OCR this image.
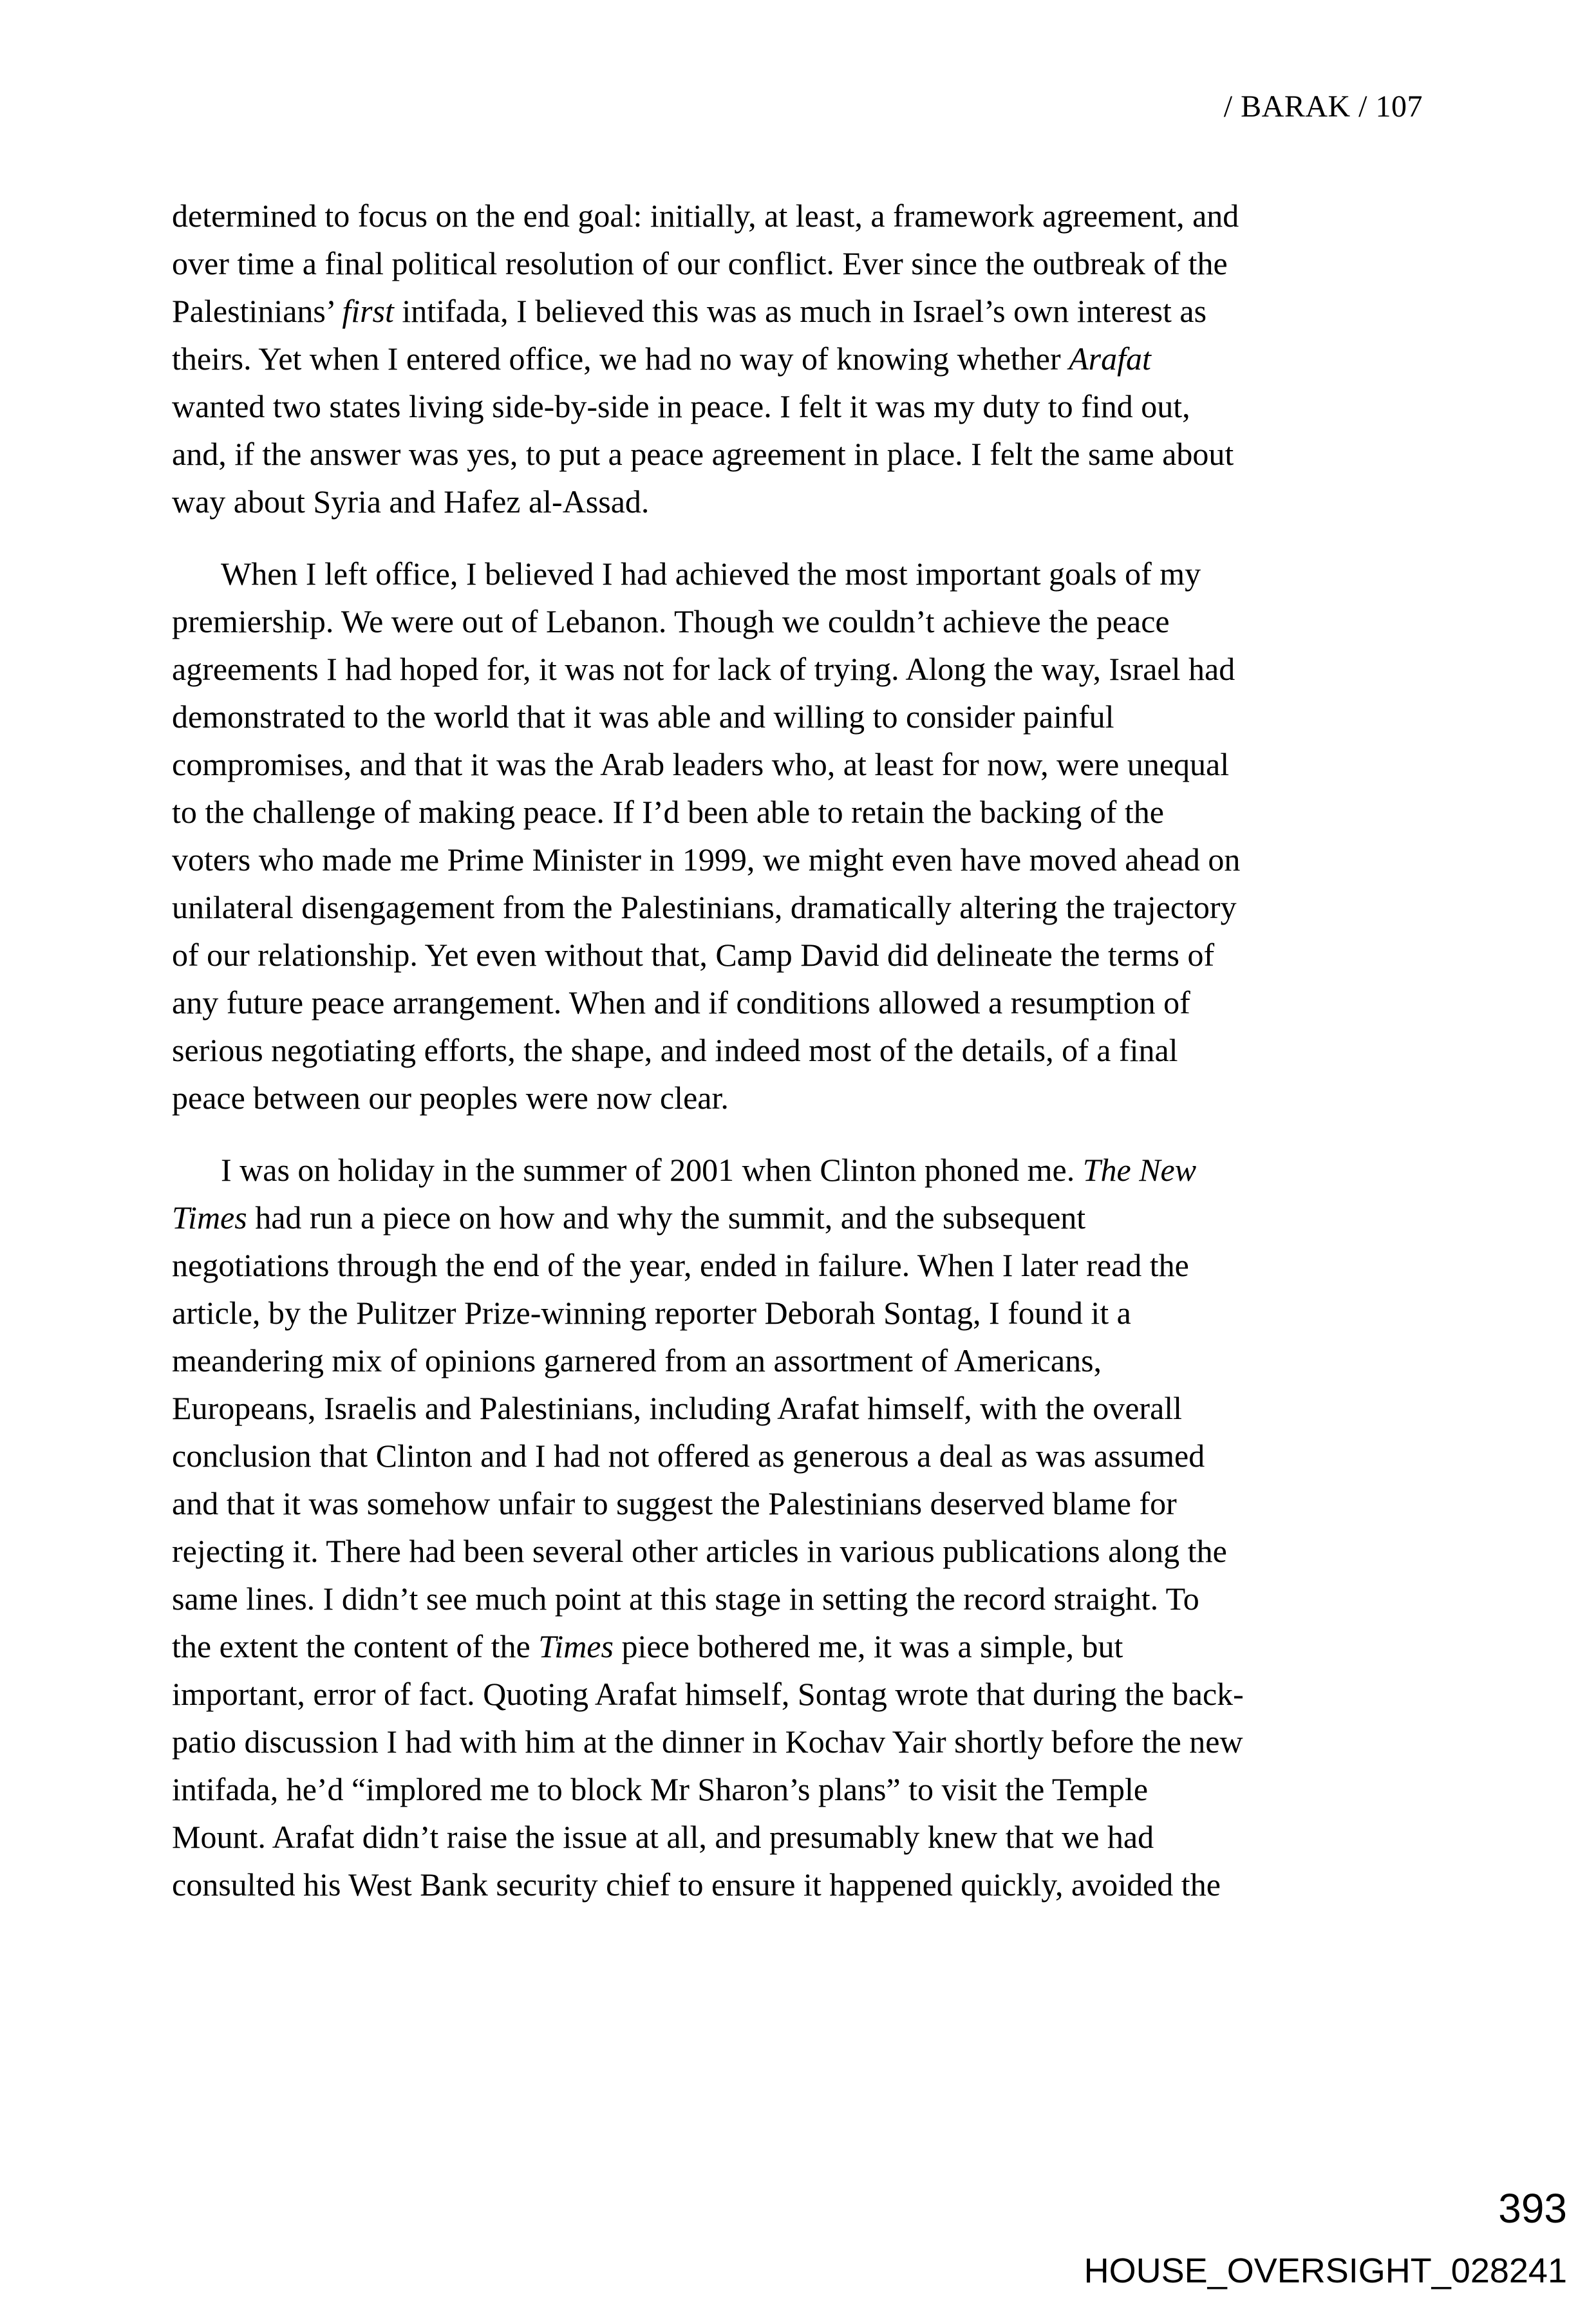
/ BARAK / 107
determined to focus on the end goal: initially, at least, a framework agreement, and
over time a final political resolution of our conflict. Ever since the outbreak of the
Palestinians’ first intifada, I believed this was as much in Israel’s own interest as
theirs. Yet when I entered office, we had no way of knowing whether Arafat
wanted two states living side-by-side in peace. I felt it was my duty to find out,
and, if the answer was yes, to put a peace agreement in place. I felt the same about
way about Syria and Hafez al-Assad.
When I left office, I believed I had achieved the most important goals of my
premiership. We were out of Lebanon. Though we couldn’t achieve the peace
agreements I had hoped for, it was not for lack of trying. Along the way, Israel had
demonstrated to the world that it was able and willing to consider painful
compromises, and that it was the Arab leaders who, at least for now, were unequal
to the challenge of making peace. If I’d been able to retain the backing of the
voters who made me Prime Minister in 1999, we might even have moved ahead on
unilateral disengagement from the Palestinians, dramatically altering the trajectory
of our relationship. Yet even without that, Camp David did delineate the terms of
any future peace arrangement. When and if conditions allowed a resumption of
serious negotiating efforts, the shape, and indeed most of the details, of a final
peace between our peoples were now clear.
I was on holiday in the summer of 2001 when Clinton phoned me. The New
Times had run a piece on how and why the summit, and the subsequent
negotiations through the end of the year, ended in failure. When I later read the
article, by the Pulitzer Prize-winning reporter Deborah Sontag, I found it a
meandering mix of opinions garnered from an assortment of Americans,
Europeans, Israelis and Palestinians, including Arafat himself, with the overall
conclusion that Clinton and I had not offered as generous a deal as was assumed
and that it was somehow unfair to suggest the Palestinians deserved blame for
rejecting it. There had been several other articles in various publications along the
same lines. I didn’t see much point at this stage in setting the record straight. To
the extent the content of the Times piece bothered me, it was a simple, but
important, error of fact. Quoting Arafat himself, Sontag wrote that during the back-
patio discussion I had with him at the dinner in Kochav Yair shortly before the new
intifada, he’d “implored me to block Mr Sharon’s plans” to visit the Temple
Mount. Arafat didn’t raise the issue at all, and presumably knew that we had
consulted his West Bank security chief to ensure it happened quickly, avoided the
393
HOUSE_OVERSIGHT_028241
